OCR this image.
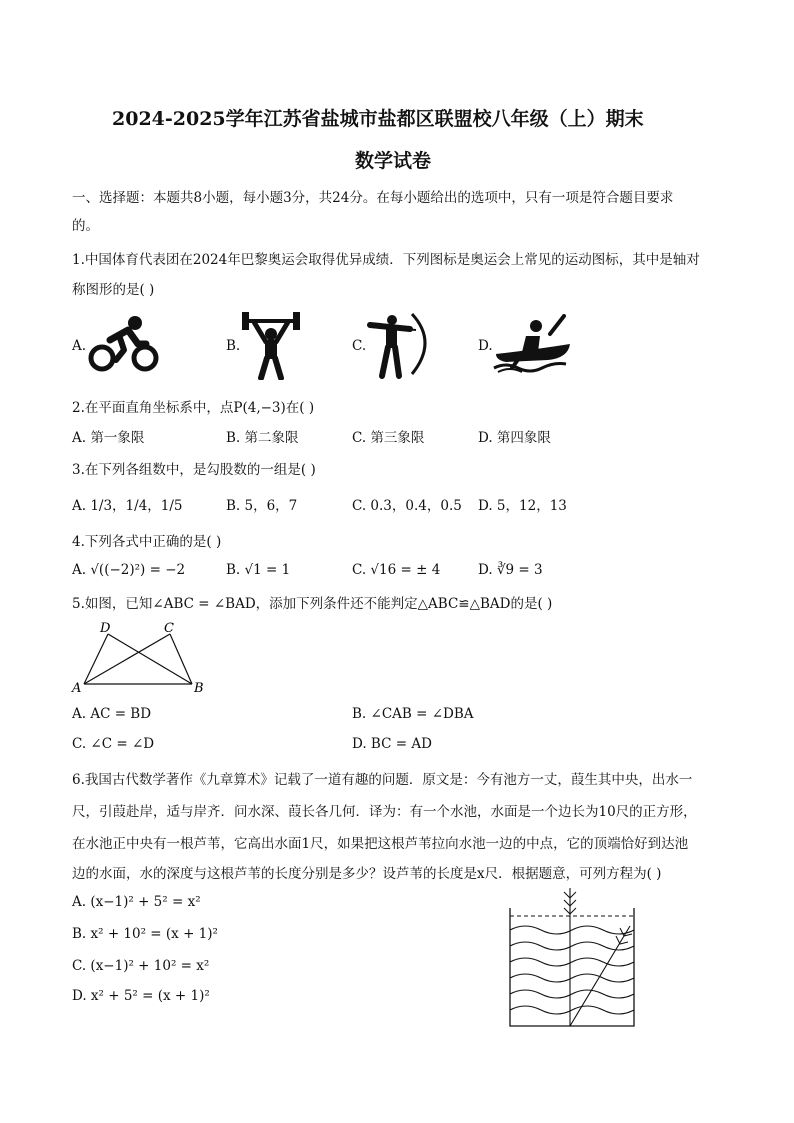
2024-2025学年江苏省盐城市盐都区联盟校八年级（上）期末
数学试卷
一、选择题：本题共8小题，每小题3分，共24分。在每小题给出的选项中，只有一项是符合题目要求
的。
1.中国体育代表团在2024年巴黎奥运会取得优异成绩．下列图标是奥运会上常见的运动图标，其中是轴对
称图形的是( )
A.	B.	C.	D.
2.在平面直角坐标系中，点P(4,−3)在( )
A. 第一象限	B. 第二象限	C. 第三象限	D. 第四象限
3.在下列各组数中，是勾股数的一组是( )
A. 1/3，1/4，1/5	B. 5，6，7	C. 0.3，0.4，0.5 D. 5，12，13
4.下列各式中正确的是( )
A. √((−2)²) = −2	B. √1 = 1	C. √16 = ± 4	D. ∛9 = 3
5.如图，已知∠ABC = ∠BAD，添加下列条件还不能判定△ABC≌△BAD的是( )
D	C
A	B
A. AC = BD	B. ∠CAB = ∠DBA
C. ∠C = ∠D	D. BC = AD
6.我国古代数学著作《九章算术》记载了一道有趣的问题．原文是：今有池方一丈，葭生其中央，出水一
尺，引葭赴岸，适与岸齐．问水深、葭长各几何．译为：有一个水池，水面是一个边长为10尺的正方形，
在水池正中央有一根芦苇，它高出水面1尺，如果把这根芦苇拉向水池一边的中点，它的顶端恰好到达池
边的水面，水的深度与这根芦苇的长度分别是多少？设芦苇的长度是x尺．根据题意，可列方程为( )
A. (x−1)² + 5² = x²
B. x² + 10² = (x + 1)²
C. (x−1)² + 10² = x²
D. x² + 5² = (x + 1)²
